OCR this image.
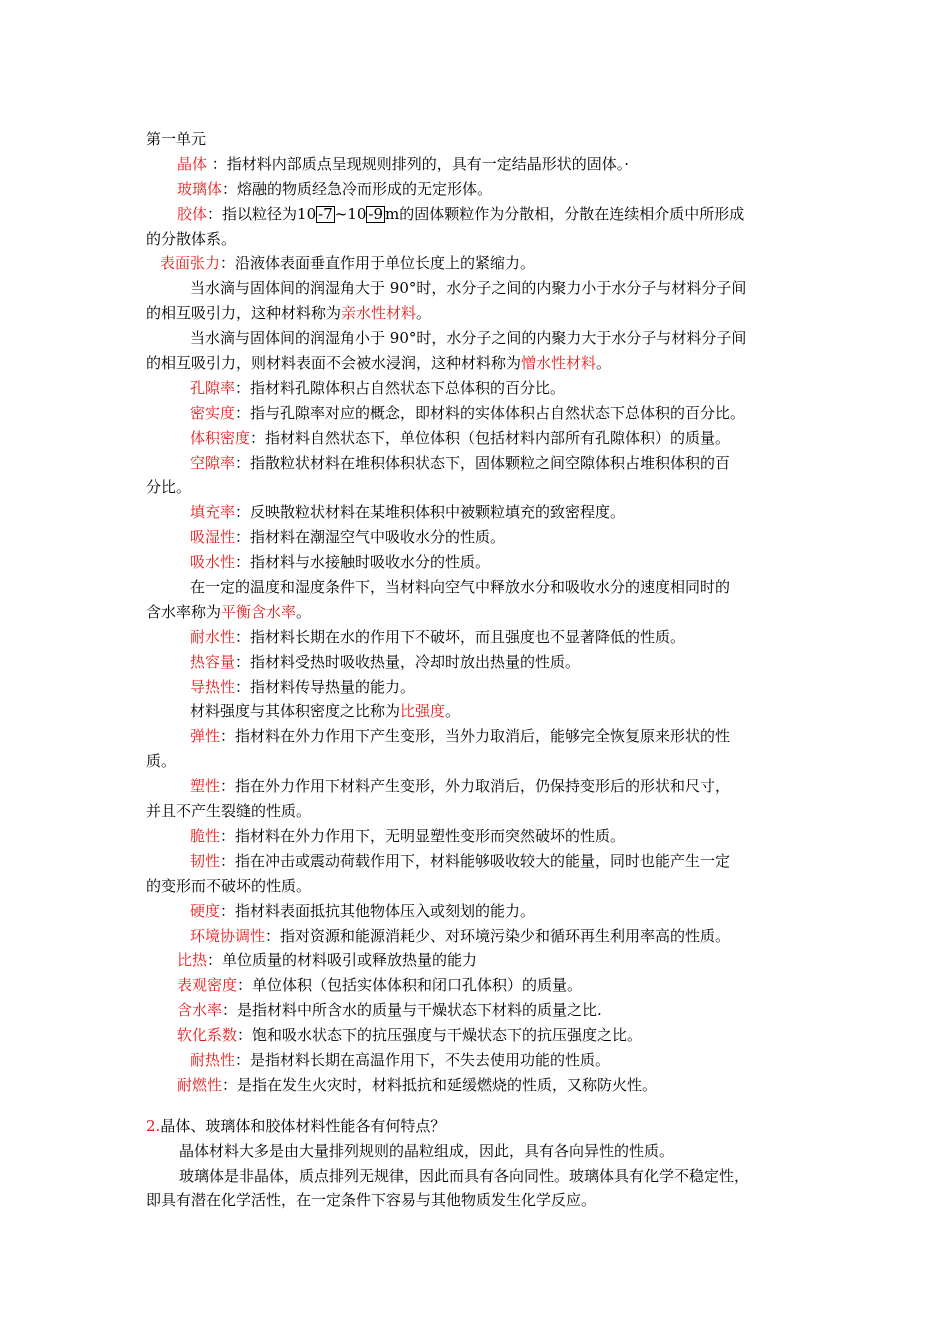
第一单元
晶体 ：指材料内部质点呈现规则排列的，具有一定结晶形状的固体。·
玻璃体：熔融的物质经急冷而形成的无定形体。
胶体：指以粒径为10 -7 ~10 -9 m的固体颗粒作为分散相，分散在连续相介质中所形成
的分散体系。
表面张力：沿液体表面垂直作用于单位长度上的紧缩力。
当水滴与固体间的润湿角大于 90°时，水分子之间的内聚力小于水分子与材料分子间
的相互吸引力，这种材料称为亲水性材料。
当水滴与固体间的润湿角小于 90°时，水分子之间的内聚力大于水分子与材料分子间
的相互吸引力，则材料表面不会被水浸润，这种材料称为憎水性材料。
孔隙率：指材料孔隙体积占自然状态下总体积的百分比。
密实度：指与孔隙率对应的概念，即材料的实体体积占自然状态下总体积的百分比。
体积密度：指材料自然状态下，单位体积（包括材料内部所有孔隙体积）的质量。
空隙率：指散粒状材料在堆积体积状态下，固体颗粒之间空隙体积占堆积体积的百
分比。
填充率：反映散粒状材料在某堆积体积中被颗粒填充的致密程度。
吸湿性：指材料在潮湿空气中吸收水分的性质。
吸水性：指材料与水接触时吸收水分的性质。
在一定的温度和湿度条件下，当材料向空气中释放水分和吸收水分的速度相同时的
含水率称为平衡含水率。
耐水性：指材料长期在水的作用下不破坏，而且强度也不显著降低的性质。
热容量：指材料受热时吸收热量，冷却时放出热量的性质。
导热性：指材料传导热量的能力。
材料强度与其体积密度之比称为比强度。
弹性：指材料在外力作用下产生变形，当外力取消后，能够完全恢复原来形状的性
质。
塑性：指在外力作用下材料产生变形，外力取消后，仍保持变形后的形状和尺寸，
并且不产生裂缝的性质。
脆性：指材料在外力作用下，无明显塑性变形而突然破坏的性质。
韧性：指在冲击或震动荷载作用下，材料能够吸收较大的能量，同时也能产生一定
的变形而不破坏的性质。
硬度：指材料表面抵抗其他物体压入或刻划的能力。
环境协调性：指对资源和能源消耗少、对环境污染少和循环再生利用率高的性质。
比热：单位质量的材料吸引或释放热量的能力
表观密度：单位体积（包括实体体积和闭口孔体积）的质量。
含水率：是指材料中所含水的质量与干燥状态下材料的质量之比.
软化系数：饱和吸水状态下的抗压强度与干燥状态下的抗压强度之比。
耐热性：是指材料长期在高温作用下，不失去使用功能的性质。
耐燃性：是指在发生火灾时，材料抵抗和延缓燃烧的性质，又称防火性。
2.晶体、玻璃体和胶体材料性能各有何特点？
晶体材料大多是由大量排列规则的晶粒组成，因此，具有各向异性的性质。
玻璃体是非晶体，质点排列无规律，因此而具有各向同性。玻璃体具有化学不稳定性，
即具有潜在化学活性，在一定条件下容易与其他物质发生化学反应。
